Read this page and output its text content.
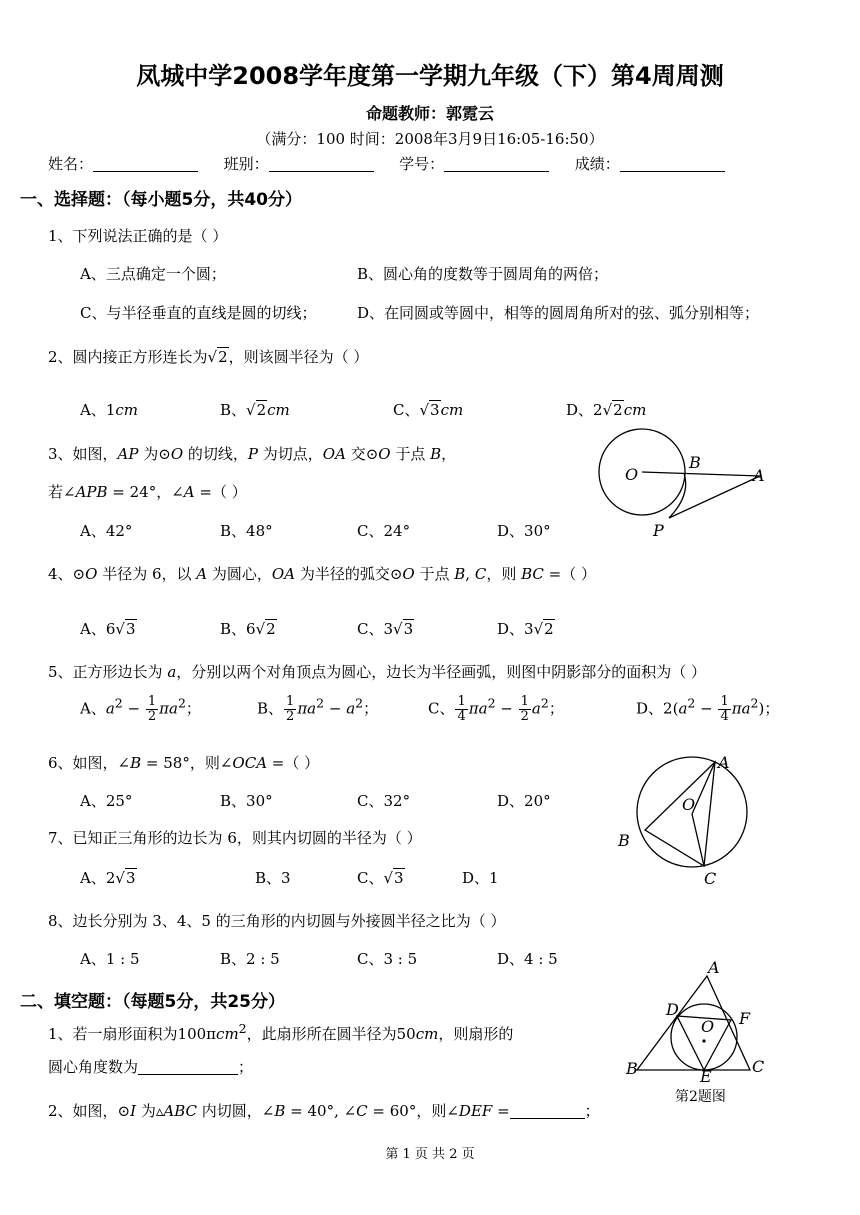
凤城中学2008学年度第一学期九年级（下）第4周周测
命题教师：郭霓云
（满分：100 时间：2008年3月9日16:05-16:50）
姓名：	班别：	学号：	成绩：
一、选择题：（每小题5分，共40分）
1、下列说法正确的是（ ）
A、三点确定一个圆；	B、圆心角的度数等于圆周角的两倍；
C、与半径垂直的直线是圆的切线；	D、在同圆或等圆中，相等的圆周角所对的弦、弧分别相等；
2、圆内接正方形连长为√2，则该圆半径为（ ）
A、1cm	B、√2cm	C、√3cm	D、2√2cm
3、如图，AP 为⊙O 的切线，P 为切点，OA 交⊙O 于点 B，
若∠APB = 24°，∠A =（ ）
A、42°	B、48°	C、24°	D、30°
O
B
A
P
4、⊙O 半径为 6，以 A 为圆心，OA 为半径的弧交⊙O 于点 B, C，则 BC =（ ）
A、6√3	B、6√2	C、3√3	D、3√2
5、正方形边长为 a，分别以两个对角顶点为圆心，边长为半径画弧，则图中阴影部分的面积为（ ）
A、$a^2 - \frac{1}{2} \pi a^2$；	B、 $\frac{1}{2} \pi a^2 - a^2$；	C、 $\frac{1}{4} \pi a^2 - \frac{1}{2} a^2$；	D、$2(a^2 - \frac{1}{4} \pi a^2)$；
6、如图，∠B = 58°，则∠OCA =（ ）
A、25°	B、30°	C、32°	D、20°
A
O
B
C
7、已知正三角形的边长为 6，则其内切圆的半径为（ ）
A、2√3	B、3	C、√3	D、1
8、边长分别为 3、4、5 的三角形的内切圆与外接圆半径之比为（ ）
A、1 : 5	B、2 : 5	C、3 : 5	D、4 : 5
二、填空题：（每题5分，共25分）
1、若一扇形面积为100πcm$^2$，此扇形所在圆半径为50cm，则扇形的
圆心角度数为	；
2、如图，⊙I 为▵ABC 内切圆，∠B = 40°, ∠C = 60°，则∠DEF =	；
A
D	F
O
B	C
E
第2题图
第 1 页 共 2 页
